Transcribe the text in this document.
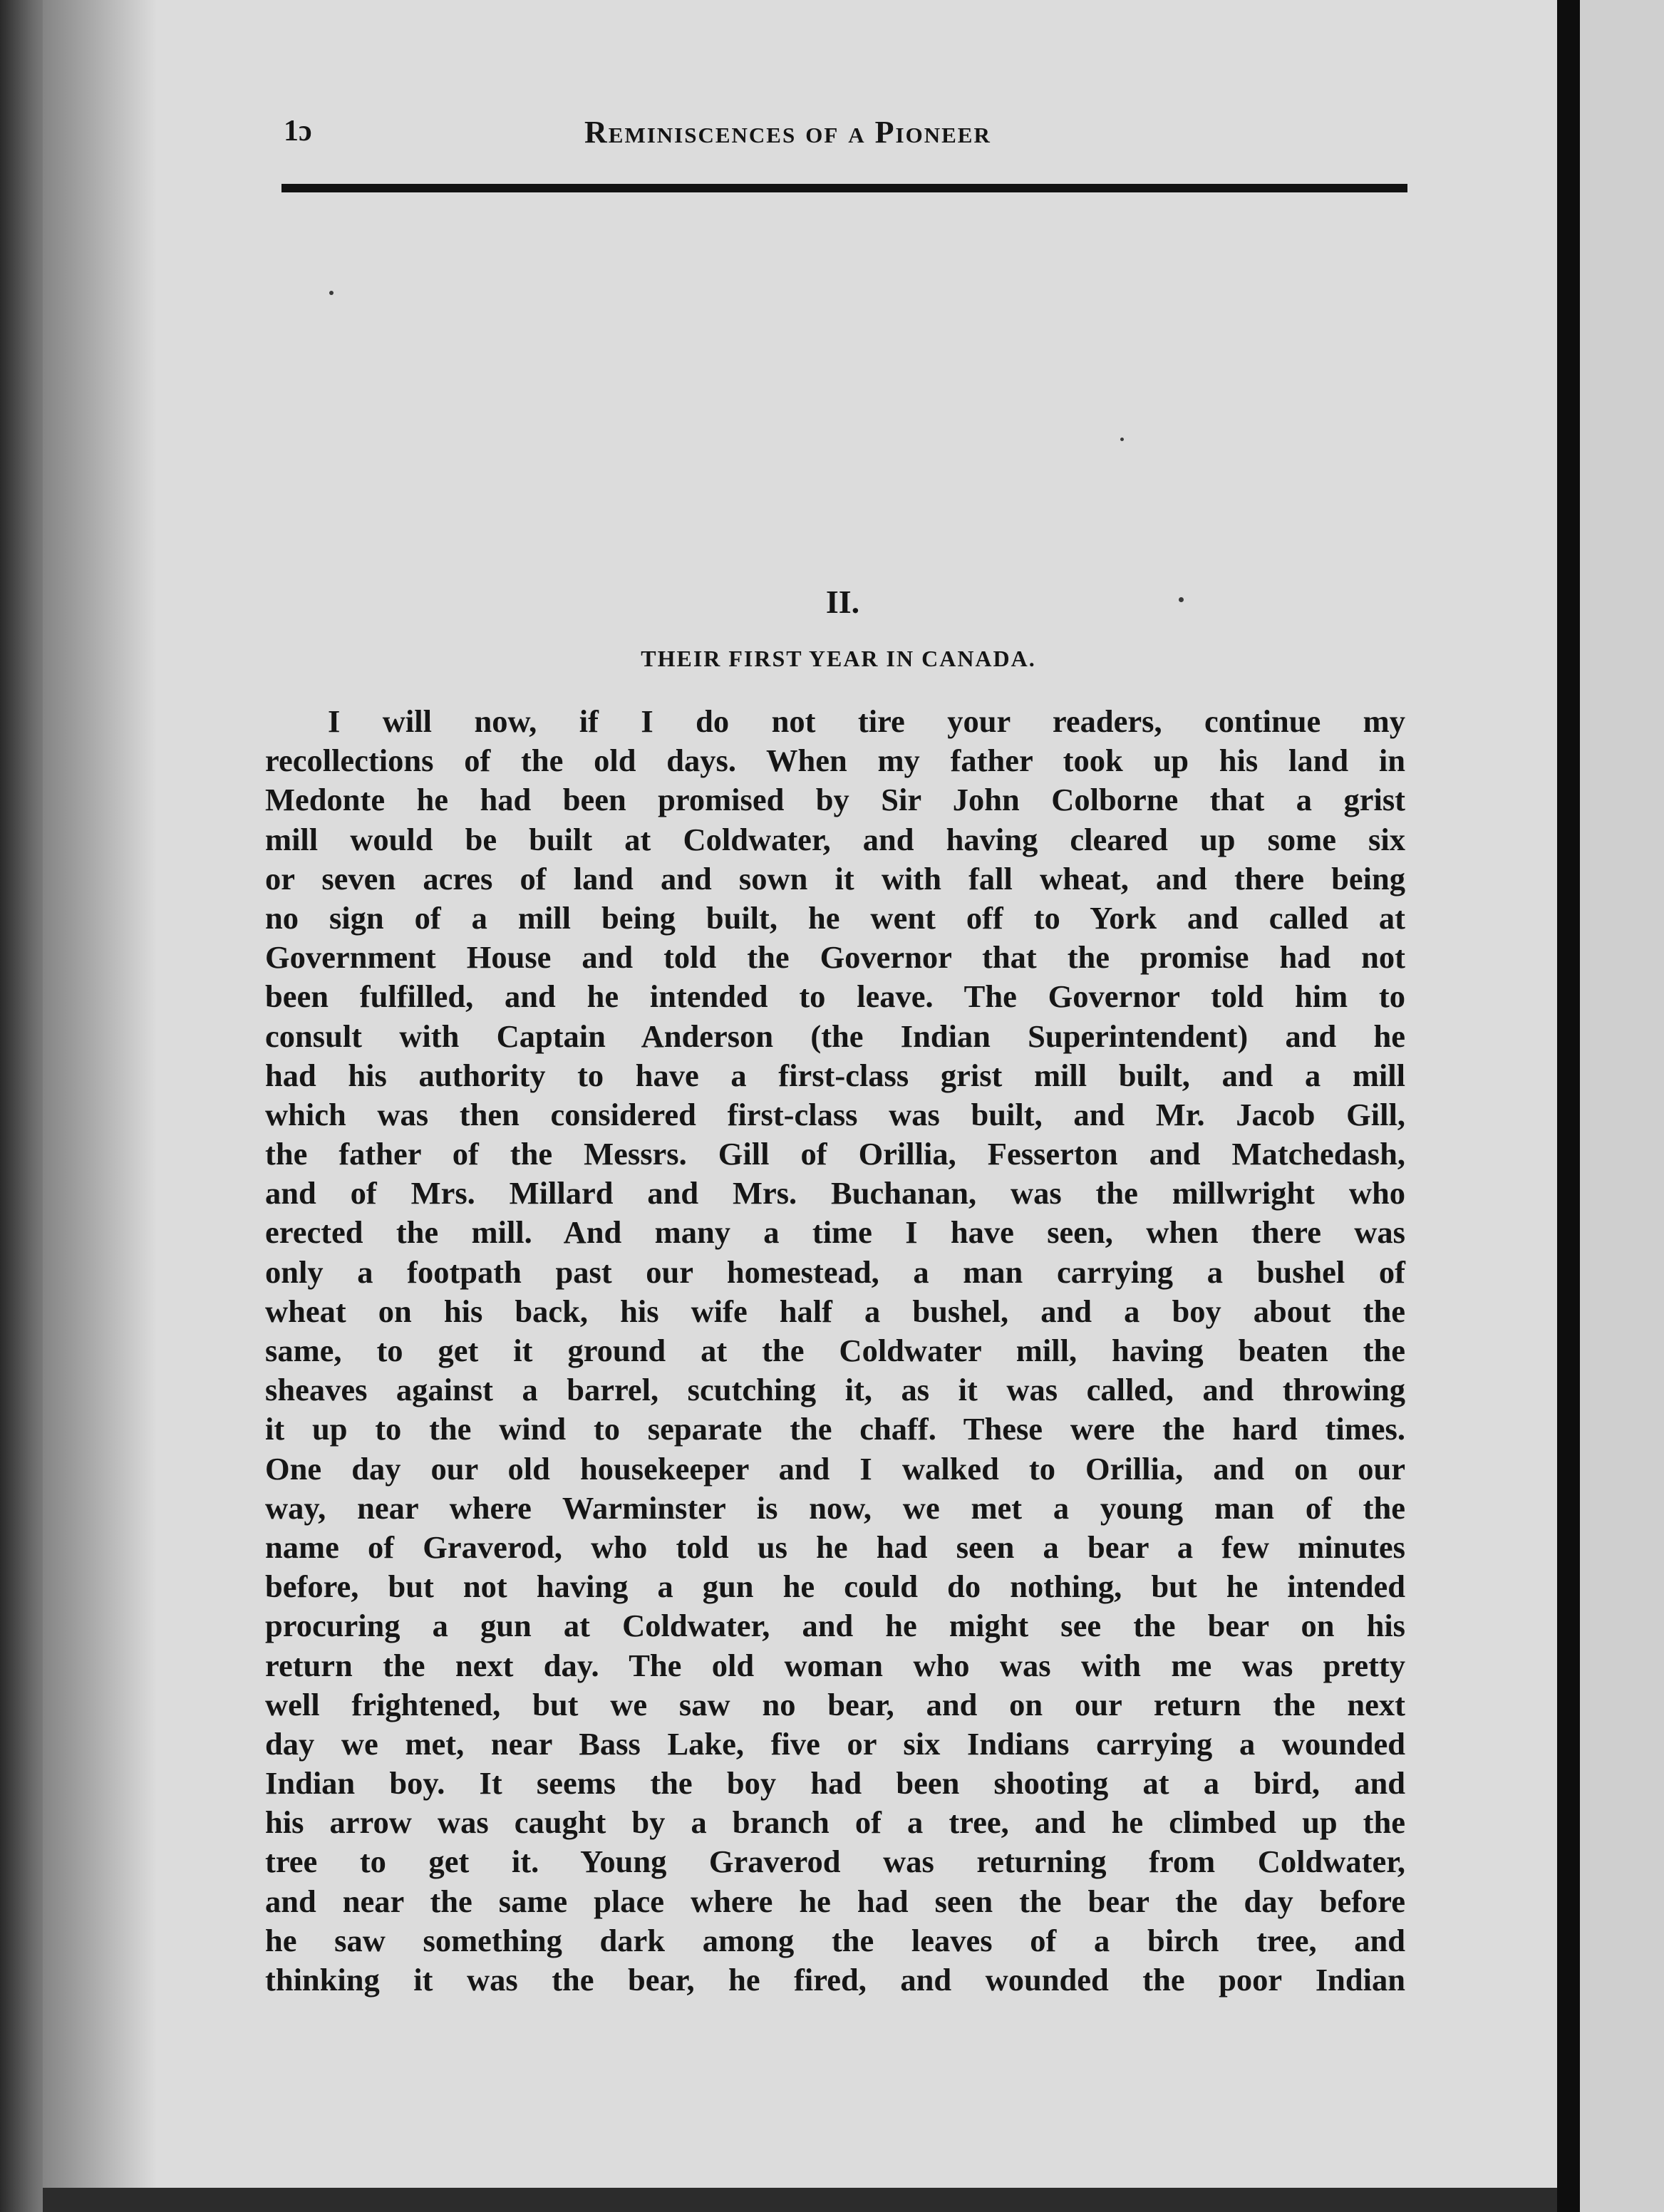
1ɔ	Reminiscences of a Pioneer
II.
THEIR FIRST YEAR IN CANADA.
I will now, if I do not tire your readers, continue my
recollections of the old days. When my father took up his land in
Medonte he had been promised by Sir John Colborne that a grist
mill would be built at Coldwater, and having cleared up some six
or seven acres of land and sown it with fall wheat, and there being
no sign of a mill being built, he went off to York and called at
Government House and told the Governor that the promise had not
been fulfilled, and he intended to leave. The Governor told him to
consult with Captain Anderson (the Indian Superintendent) and he
had his authority to have a first-class grist mill built, and a mill
which was then considered first-class was built, and Mr. Jacob Gill,
the father of the Messrs. Gill of Orillia, Fesserton and Matchedash,
and of Mrs. Millard and Mrs. Buchanan, was the millwright who
erected the mill. And many a time I have seen, when there was
only a footpath past our homestead, a man carrying a bushel of
wheat on his back, his wife half a bushel, and a boy about the
same, to get it ground at the Coldwater mill, having beaten the
sheaves against a barrel, scutching it, as it was called, and throwing
it up to the wind to separate the chaff. These were the hard times.
One day our old housekeeper and I walked to Orillia, and on our
way, near where Warminster is now, we met a young man of the
name of Graverod, who told us he had seen a bear a few minutes
before, but not having a gun he could do nothing, but he intended
procuring a gun at Coldwater, and he might see the bear on his
return the next day. The old woman who was with me was pretty
well frightened, but we saw no bear, and on our return the next
day we met, near Bass Lake, five or six Indians carrying a wounded
Indian boy. It seems the boy had been shooting at a bird, and
his arrow was caught by a branch of a tree, and he climbed up the
tree to get it. Young Graverod was returning from Coldwater,
and near the same place where he had seen the bear the day before
he saw something dark among the leaves of a birch tree, and
thinking it was the bear, he fired, and wounded the poor Indian
